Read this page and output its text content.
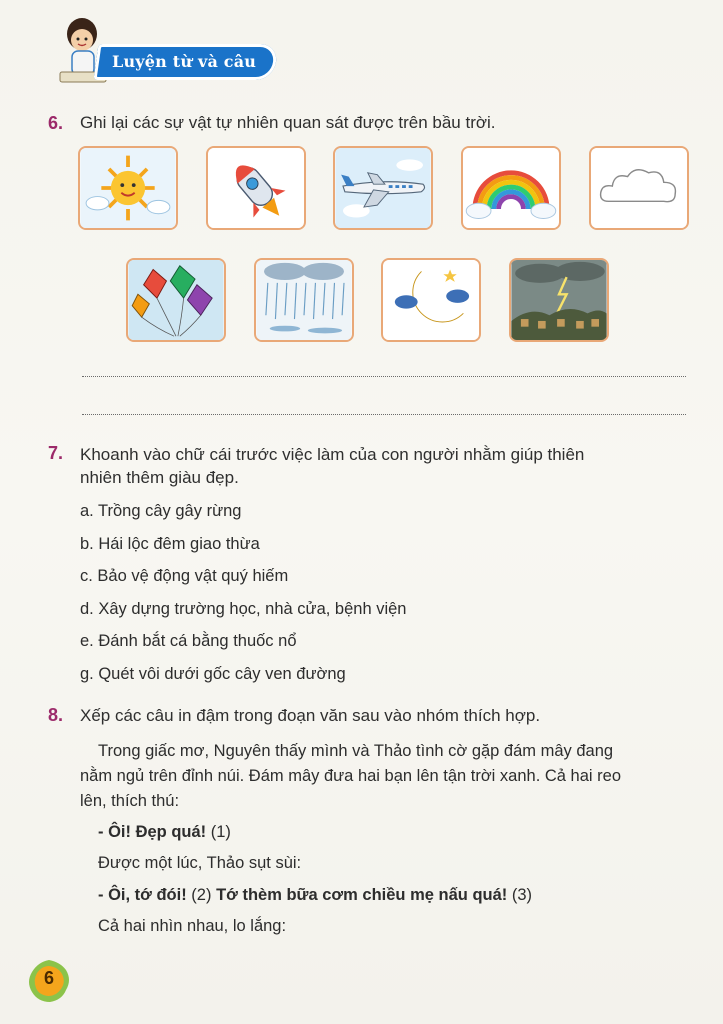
Luyện từ và câu
6. Ghi lại các sự vật tự nhiên quan sát được trên bầu trời.
7. Khoanh vào chữ cái trước việc làm của con người nhằm giúp thiên
nhiên thêm giàu đẹp.
a. Trồng cây gây rừng
b. Hái lộc đêm giao thừa
c. Bảo vệ động vật quý hiếm
d. Xây dựng trường học, nhà cửa, bệnh viện
e. Đánh bắt cá bằng thuốc nổ
g. Quét vôi dưới gốc cây ven đường
8. Xếp các câu in đậm trong đoạn văn sau vào nhóm thích hợp.
Trong giấc mơ, Nguyên thấy mình và Thảo tình cờ gặp đám mây đang
nằm ngủ trên đỉnh núi. Đám mây đưa hai bạn lên tận trời xanh. Cả hai reo
lên, thích thú:
- Ôi! Đẹp quá! (1)
Được một lúc, Thảo sụt sùi:
- Ôi, tớ đói! (2) Tớ thèm bữa cơm chiều mẹ nấu quá! (3)
Cả hai nhìn nhau, lo lắng:
6
